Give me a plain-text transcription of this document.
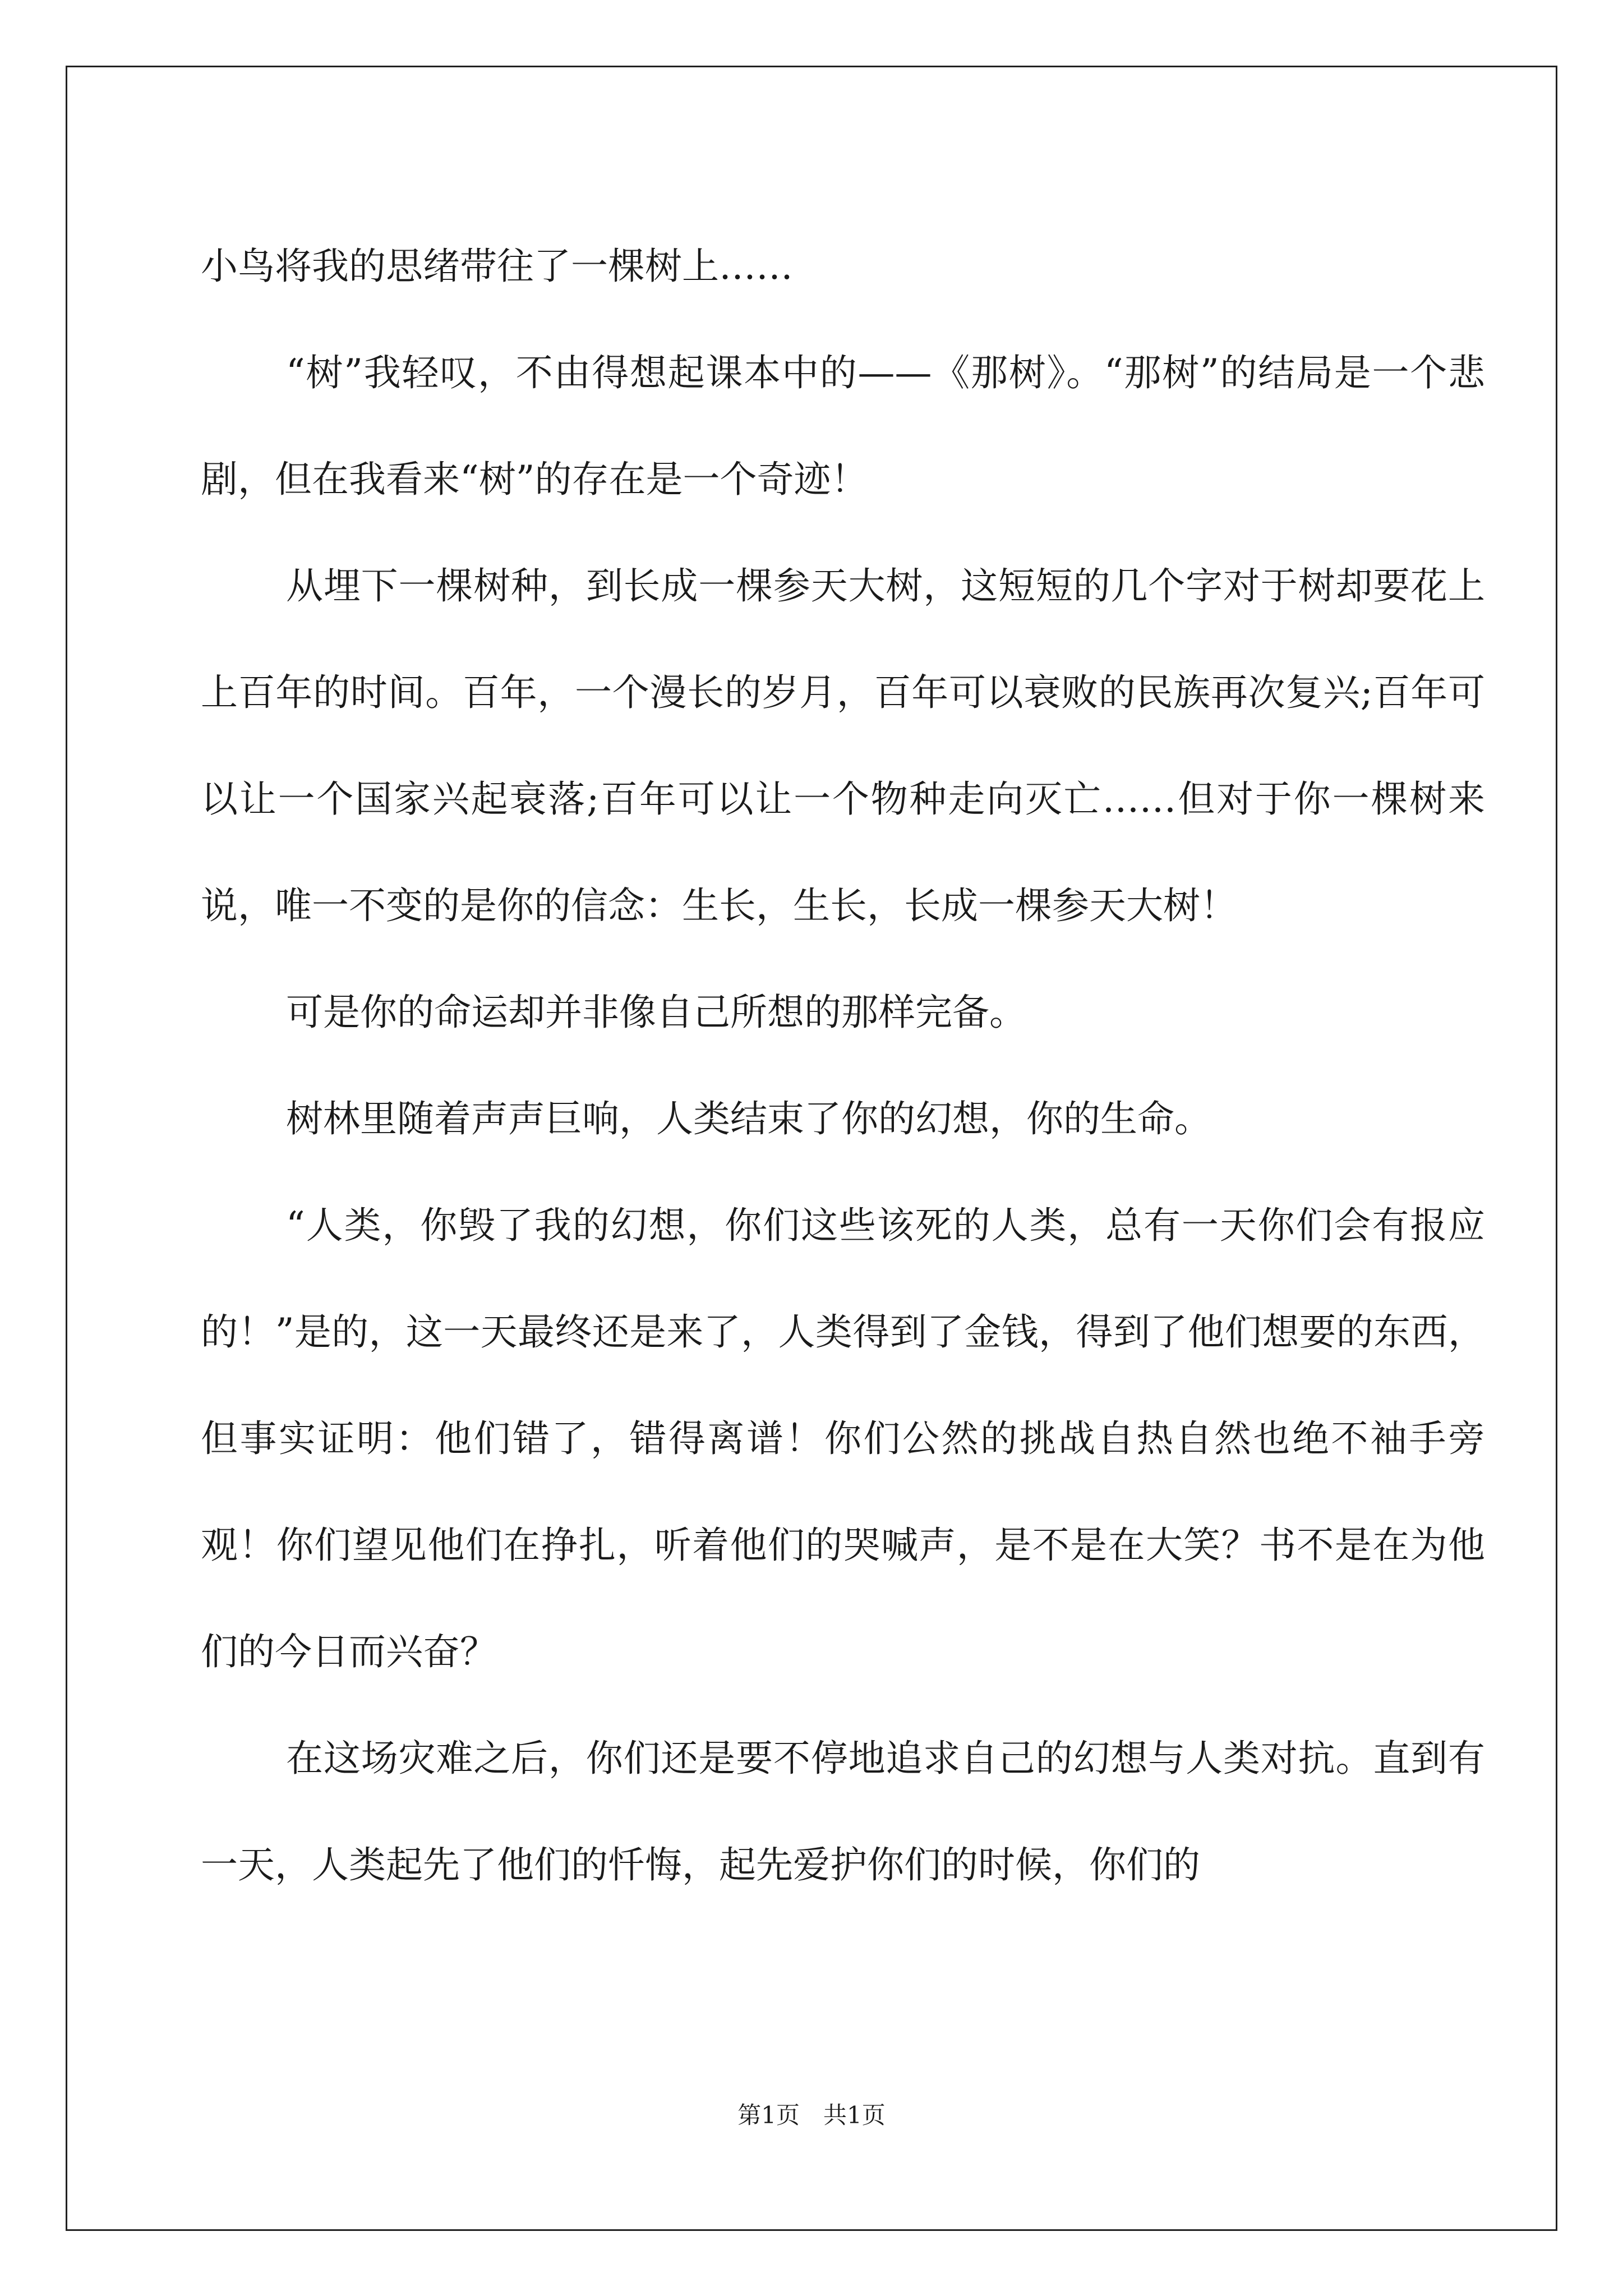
小鸟将我的思绪带往了一棵树上……

“树”我轻叹，不由得想起课本中的——《那树》。“那树”的结局是一个悲剧，但在我看来“树”的存在是一个奇迹！

从埋下一棵树种，到长成一棵参天大树，这短短的几个字对于树却要花上上百年的时间。百年，一个漫长的岁月，百年可以衰败的民族再次复兴;百年可以让一个国家兴起衰落;百年可以让一个物种走向灭亡……但对于你一棵树来说，唯一不变的是你的信念：生长，生长，长成一棵参天大树！

可是你的命运却并非像自己所想的那样完备。

树林里随着声声巨响，人类结束了你的幻想，你的生命。

“人类，你毁了我的幻想，你们这些该死的人类，总有一天你们会有报应的！”是的，这一天最终还是来了，人类得到了金钱，得到了他们想要的东西，但事实证明：他们错了，错得离谱！你们公然的挑战自热自然也绝不袖手旁观！你们望见他们在挣扎，听着他们的哭喊声，是不是在大笑？书不是在为他们的今日而兴奋？

在这场灾难之后，你们还是要不停地追求自己的幻想与人类对抗。直到有一天，人类起先了他们的忏悔，起先爱护你们的时候，你们的

第1页　共1页
